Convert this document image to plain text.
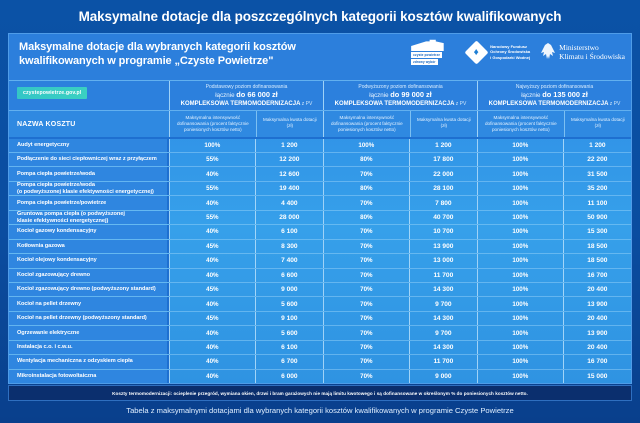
Maksymalne dotacje dla poszczególnych kategorii kosztów kwalifikowanych
Maksymalne dotacje dla wybranych kategorii kosztów
kwalifikowanych w programie „Czyste Powietrze"
czyste powietrze
zdrowy wybór
♦	Narodowy Fundusz
Ochrony Środowiska
i Gospodarki Wodnej
Ministerstwo
Klimatu i Środowiska
czystepowietrze.gov.pl
Podstawowy poziom dofinansowania
łącznie do 66 000 zł
KOMPLEKSOWA TERMOMODERNIZACJA z PV
Podwyższony poziom dofinansowania
łącznie do 99 000 zł
KOMPLEKSOWA TERMOMODERNIZACJA z PV
Najwyższy poziom dofinansowania
łącznie do 135 000 zł
KOMPLEKSOWA TERMOMODERNIZACJA z PV
NAZWA KOSZTU
Maksymalna intensywność dofinansowania (procent faktycznie poniesionych kosztów netto)
Maksymalna kwota dotacji (zł)
Maksymalna intensywność dofinansowania (procent faktycznie poniesionych kosztów netto)
Maksymalna kwota dotacji (zł)
Maksymalna intensywność dofinansowania (procent faktycznie poniesionych kosztów netto)
Maksymalna kwota dotacji (zł)
Audyt energetyczny	100%	1 200	100%	1 200	100%	1 200
Podłączenie do sieci ciepłowniczej wraz z przyłączem	55%	12 200	80%	17 800	100%	22 200
Pompa ciepła powietrze/woda	40%	12 600	70%	22 000	100%	31 500
Pompa ciepła powietrze/woda
(o podwyższonej klasie efektywności energetycznej)	55%	19 400	80%	28 100	100%	35 200
Pompa ciepła powietrze/powietrze	40%	4 400	70%	7 800	100%	11 100
Gruntowa pompa ciepła (o podwyższonej
klasie efektywności energetycznej)	55%	28 000	80%	40 700	100%	50 900
Kocioł gazowy kondensacyjny	40%	6 100	70%	10 700	100%	15 300
Kotłownia gazowa	45%	8 300	70%	13 900	100%	18 500
Kocioł olejowy kondensacyjny	40%	7 400	70%	13 000	100%	18 500
Kocioł zgazowujący drewno	40%	6 600	70%	11 700	100%	16 700
Kocioł zgazowujący drewno (podwyższony standard)	45%	9 000	70%	14 300	100%	20 400
Kocioł na pellet drzewny	40%	5 600	70%	9 700	100%	13 900
Kocioł na pellet drzewny (podwyższony standard)	45%	9 100	70%	14 300	100%	20 400
Ogrzewanie elektryczne	40%	5 600	70%	9 700	100%	13 900
Instalacja c.o. i c.w.u.	40%	6 100	70%	14 300	100%	20 400
Wentylacja mechaniczna z odzyskiem ciepła	40%	6 700	70%	11 700	100%	16 700
Mikroinstalacja fotowoltaiczna	40%	6 000	70%	9 000	100%	15 000
Koszty termomodernizacji: ocieplenie przegród, wymiana okien, drzwi i bram garażowych nie mają limitu kwotowego i są dofinansowane w określonym % do poniesionych kosztów netto.
Tabela z maksymalnymi dotacjami dla wybranych kategorii kosztów kwalifikowanych w programie Czyste Powietrze
